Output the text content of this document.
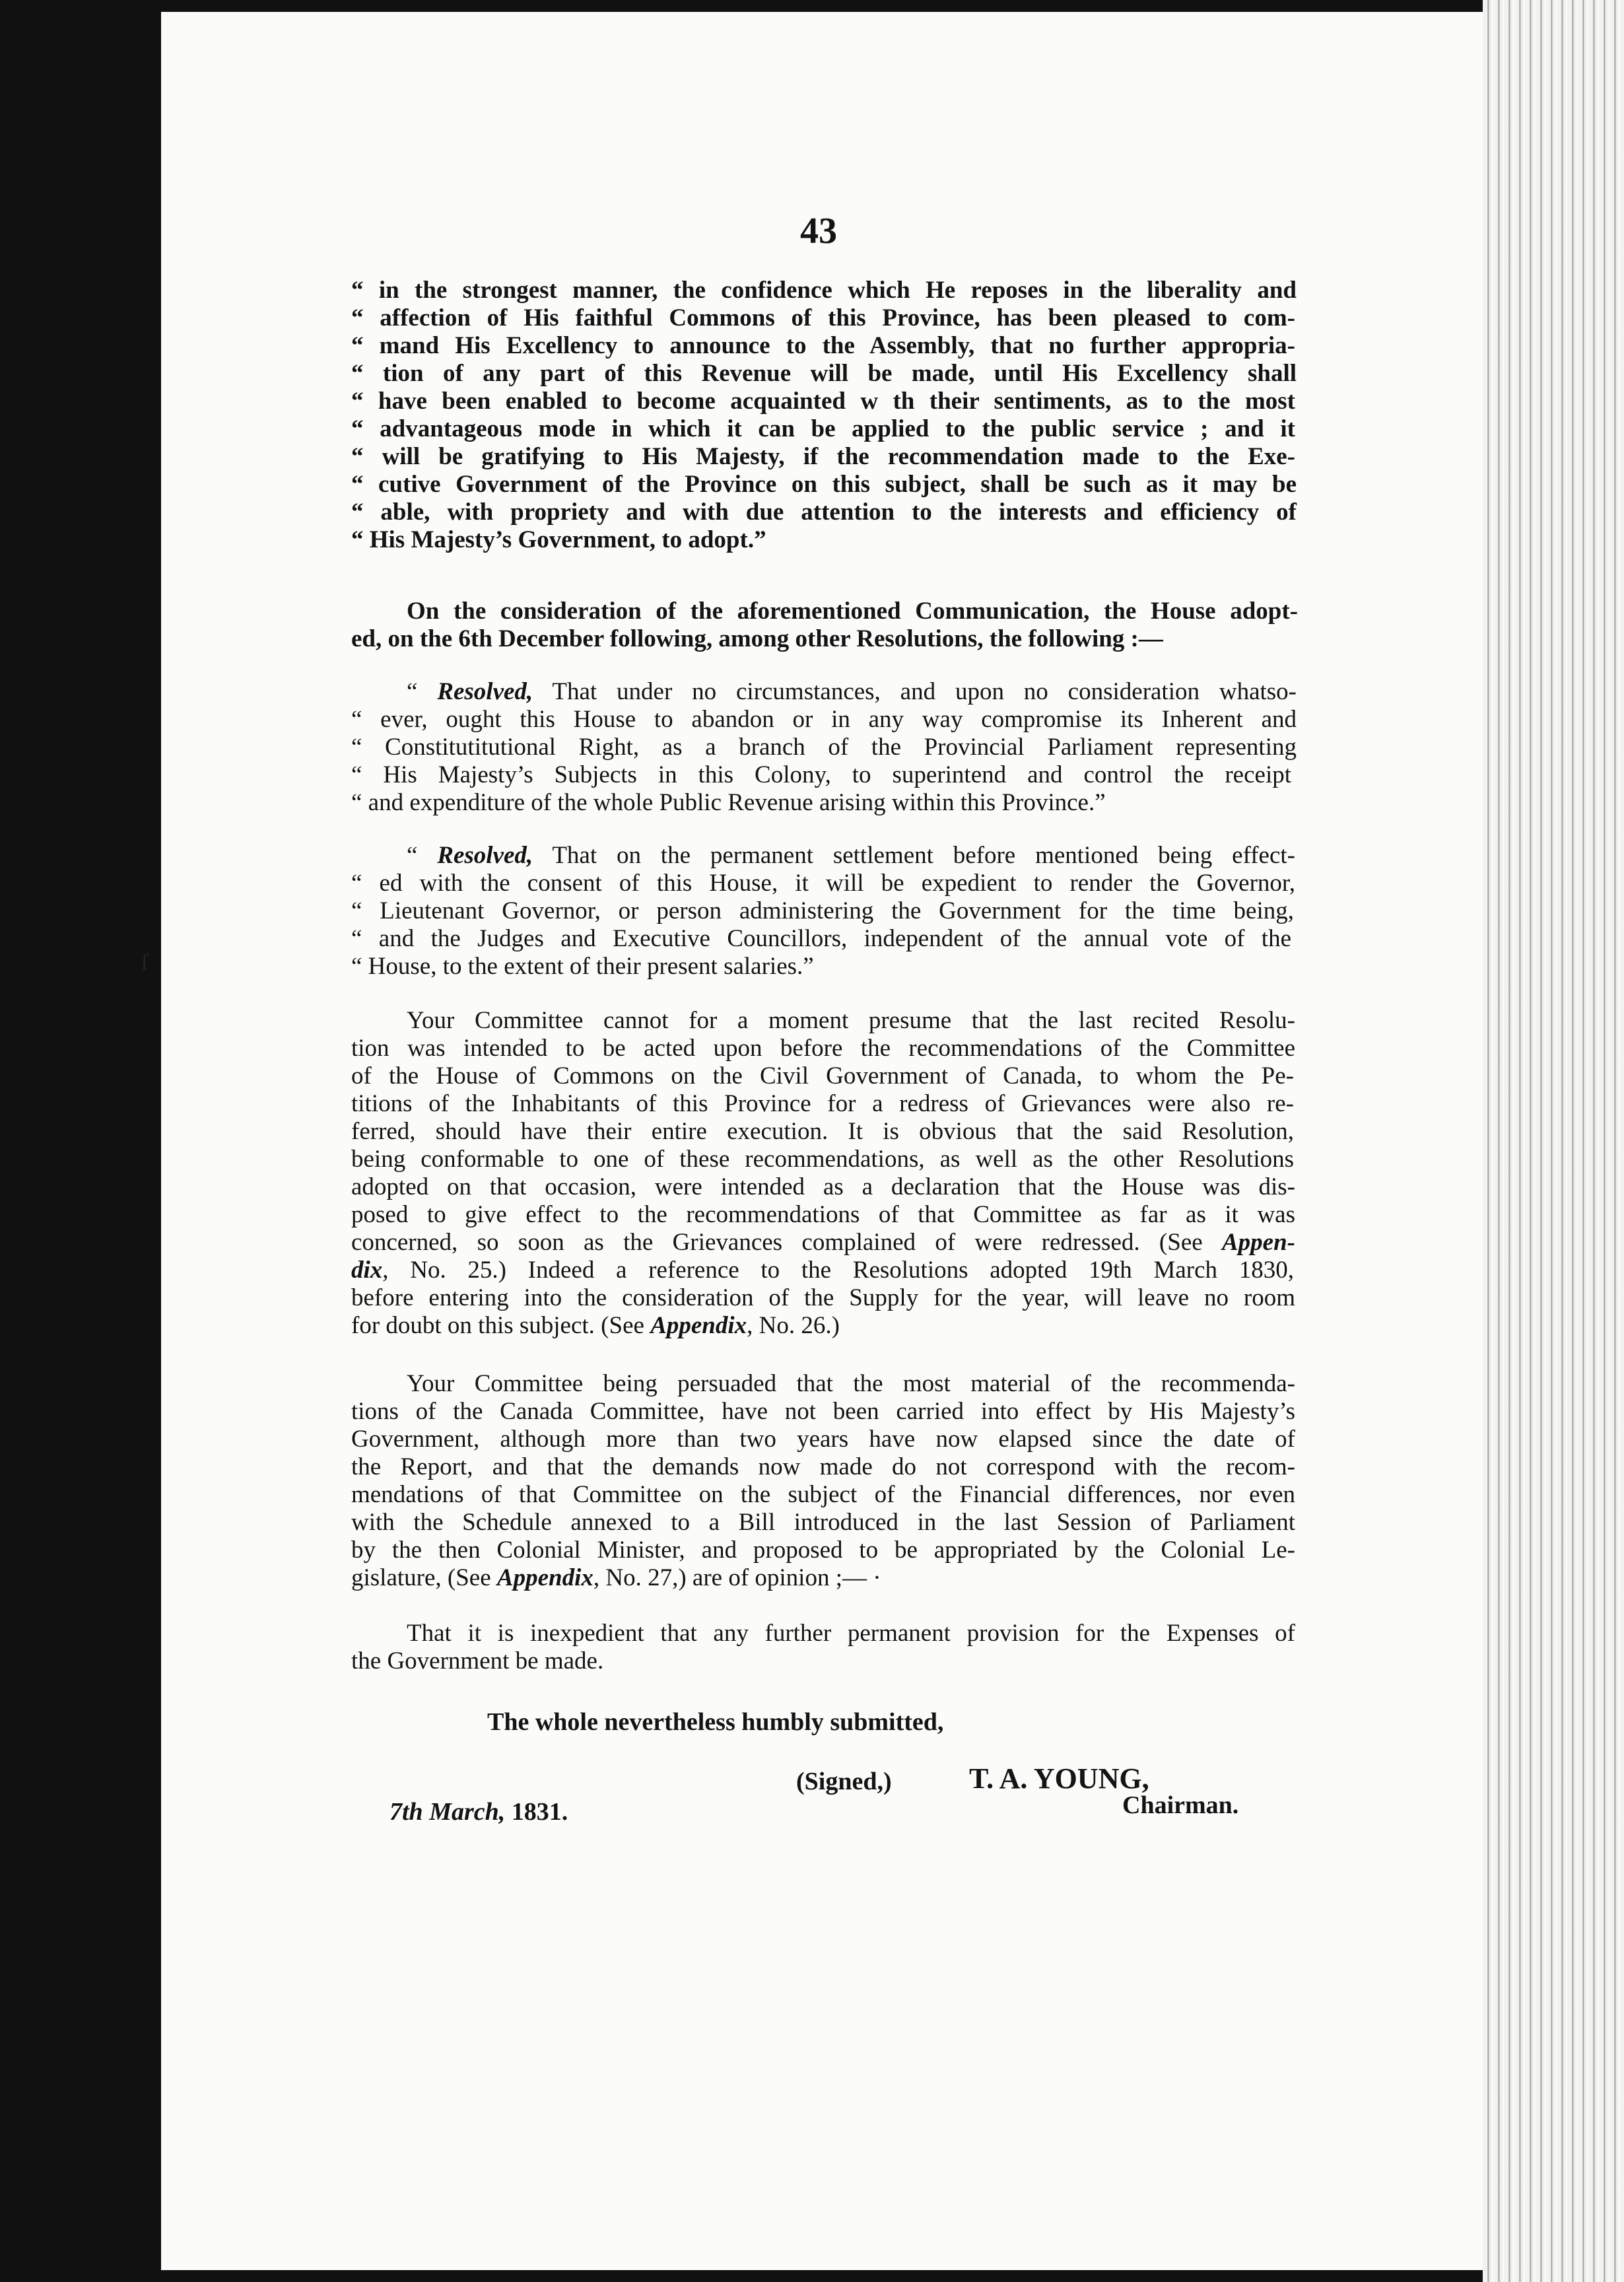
ſ
43
“ in the strongest manner, the confidence which He reposes in the liberality and
“ affection of His faithful Commons of this Province, has been pleased to com-
“ mand His Excellency to announce to the Assembly, that no further appropria-
“ tion of any part of this Revenue will be made, until His Excellency shall
“ have been enabled to become acquainted w th their sentiments, as to the most
“ advantageous mode in which it can be applied to the public service ; and it
“ will be gratifying to His Majesty, if the recommendation made to the Exe-
“ cutive Government of the Province on this subject, shall be such as it may be
“ able, with propriety and with due attention to the interests and efficiency of
“ His Majesty’s Government, to adopt.”
On the consideration of the aforementioned Communication, the House adopt-
ed, on the 6th December following, among other Resolutions, the following :—
“ Resolved, That under no circumstances, and upon no consideration whatso-
“ ever, ought this House to abandon or in any way compromise its Inherent and
“ Constitutitutional Right, as a branch of the Provincial Parliament representing
“ His Majesty’s Subjects in this Colony, to superintend and control the receipt
“ and expenditure of the whole Public Revenue arising within this Province.”
“ Resolved, That on the permanent settlement before mentioned being effect-
“ ed with the consent of this House, it will be expedient to render the Governor,
“ Lieutenant Governor, or person administering the Government for the time being,
“ and the Judges and Executive Councillors, independent of the annual vote of the
“ House, to the extent of their present salaries.”
Your Committee cannot for a moment presume that the last recited Resolu-
tion was intended to be acted upon before the recommendations of the Committee
of the House of Commons on the Civil Government of Canada, to whom the Pe-
titions of the Inhabitants of this Province for a redress of Grievances were also re-
ferred, should have their entire execution. It is obvious that the said Resolution,
being conformable to one of these recommendations, as well as the other Resolutions
adopted on that occasion, were intended as a declaration that the House was dis-
posed to give effect to the recommendations of that Committee as far as it was
concerned, so soon as the Grievances complained of were redressed. (See Appen-
dix, No. 25.) Indeed a reference to the Resolutions adopted 19th March 1830,
before entering into the consideration of the Supply for the year, will leave no room
for doubt on this subject. (See Appendix, No. 26.)
Your Committee being persuaded that the most material of the recommenda-
tions of the Canada Committee, have not been carried into effect by His Majesty’s
Government, although more than two years have now elapsed since the date of
the Report, and that the demands now made do not correspond with the recom-
mendations of that Committee on the subject of the Financial differences, nor even
with the Schedule annexed to a Bill introduced in the last Session of Parliament
by the then Colonial Minister, and proposed to be appropriated by the Colonial Le-
gislature, (See Appendix, No. 27,) are of opinion ;— ·
That it is inexpedient that any further permanent provision for the Expenses of
the Government be made.
The whole nevertheless humbly submitted,
(Signed,)	T. A. YOUNG,
7th March, 1831.	Chairman.
